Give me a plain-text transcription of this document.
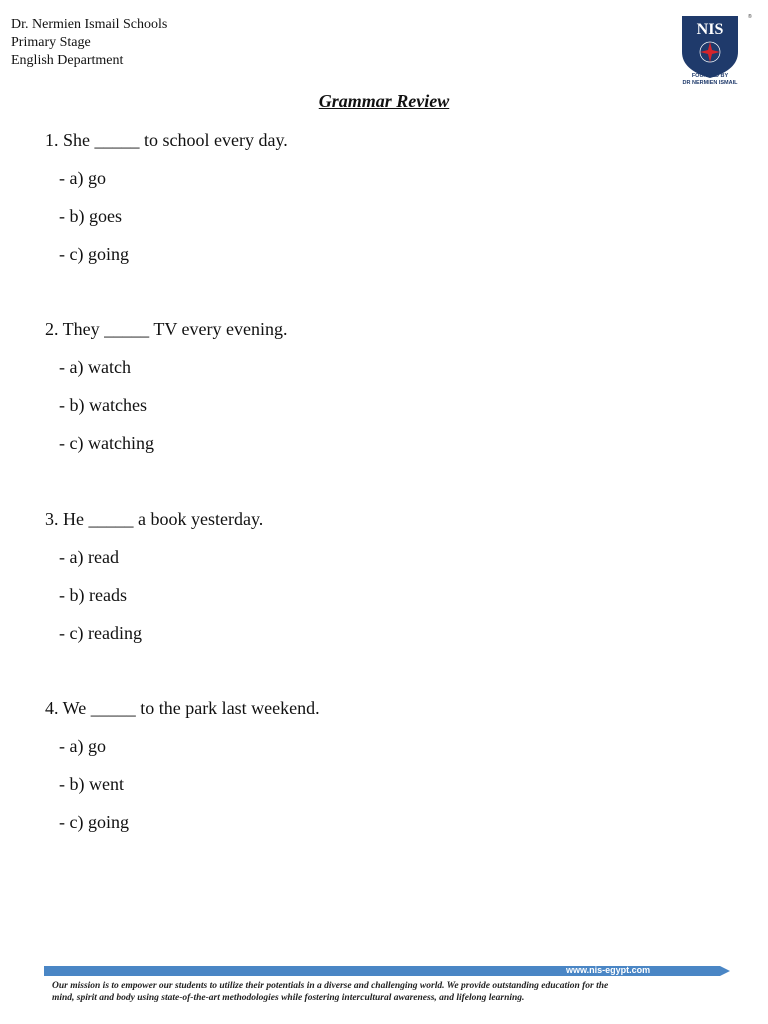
Dr. Nermien Ismail Schools
Primary Stage
English Department
NIS
®
FOUNDED BY
DR NERMIEN ISMAIL
Grammar Review
1. She _____ to school every day.
- a) go
- b) goes
- c) going
2. They _____ TV every evening.
- a) watch
- b) watches
- c) watching
3. He _____ a book yesterday.
- a) read
- b) reads
- c) reading
4. We _____ to the park last weekend.
- a) go
- b) went
- c) going
www.nis-egypt.com
Our mission is to empower our students to utilize their potentials in a diverse and challenging world. We provide outstanding education for the
mind, spirit and body using state-of-the-art methodologies while fostering intercultural awareness, and lifelong learning.
